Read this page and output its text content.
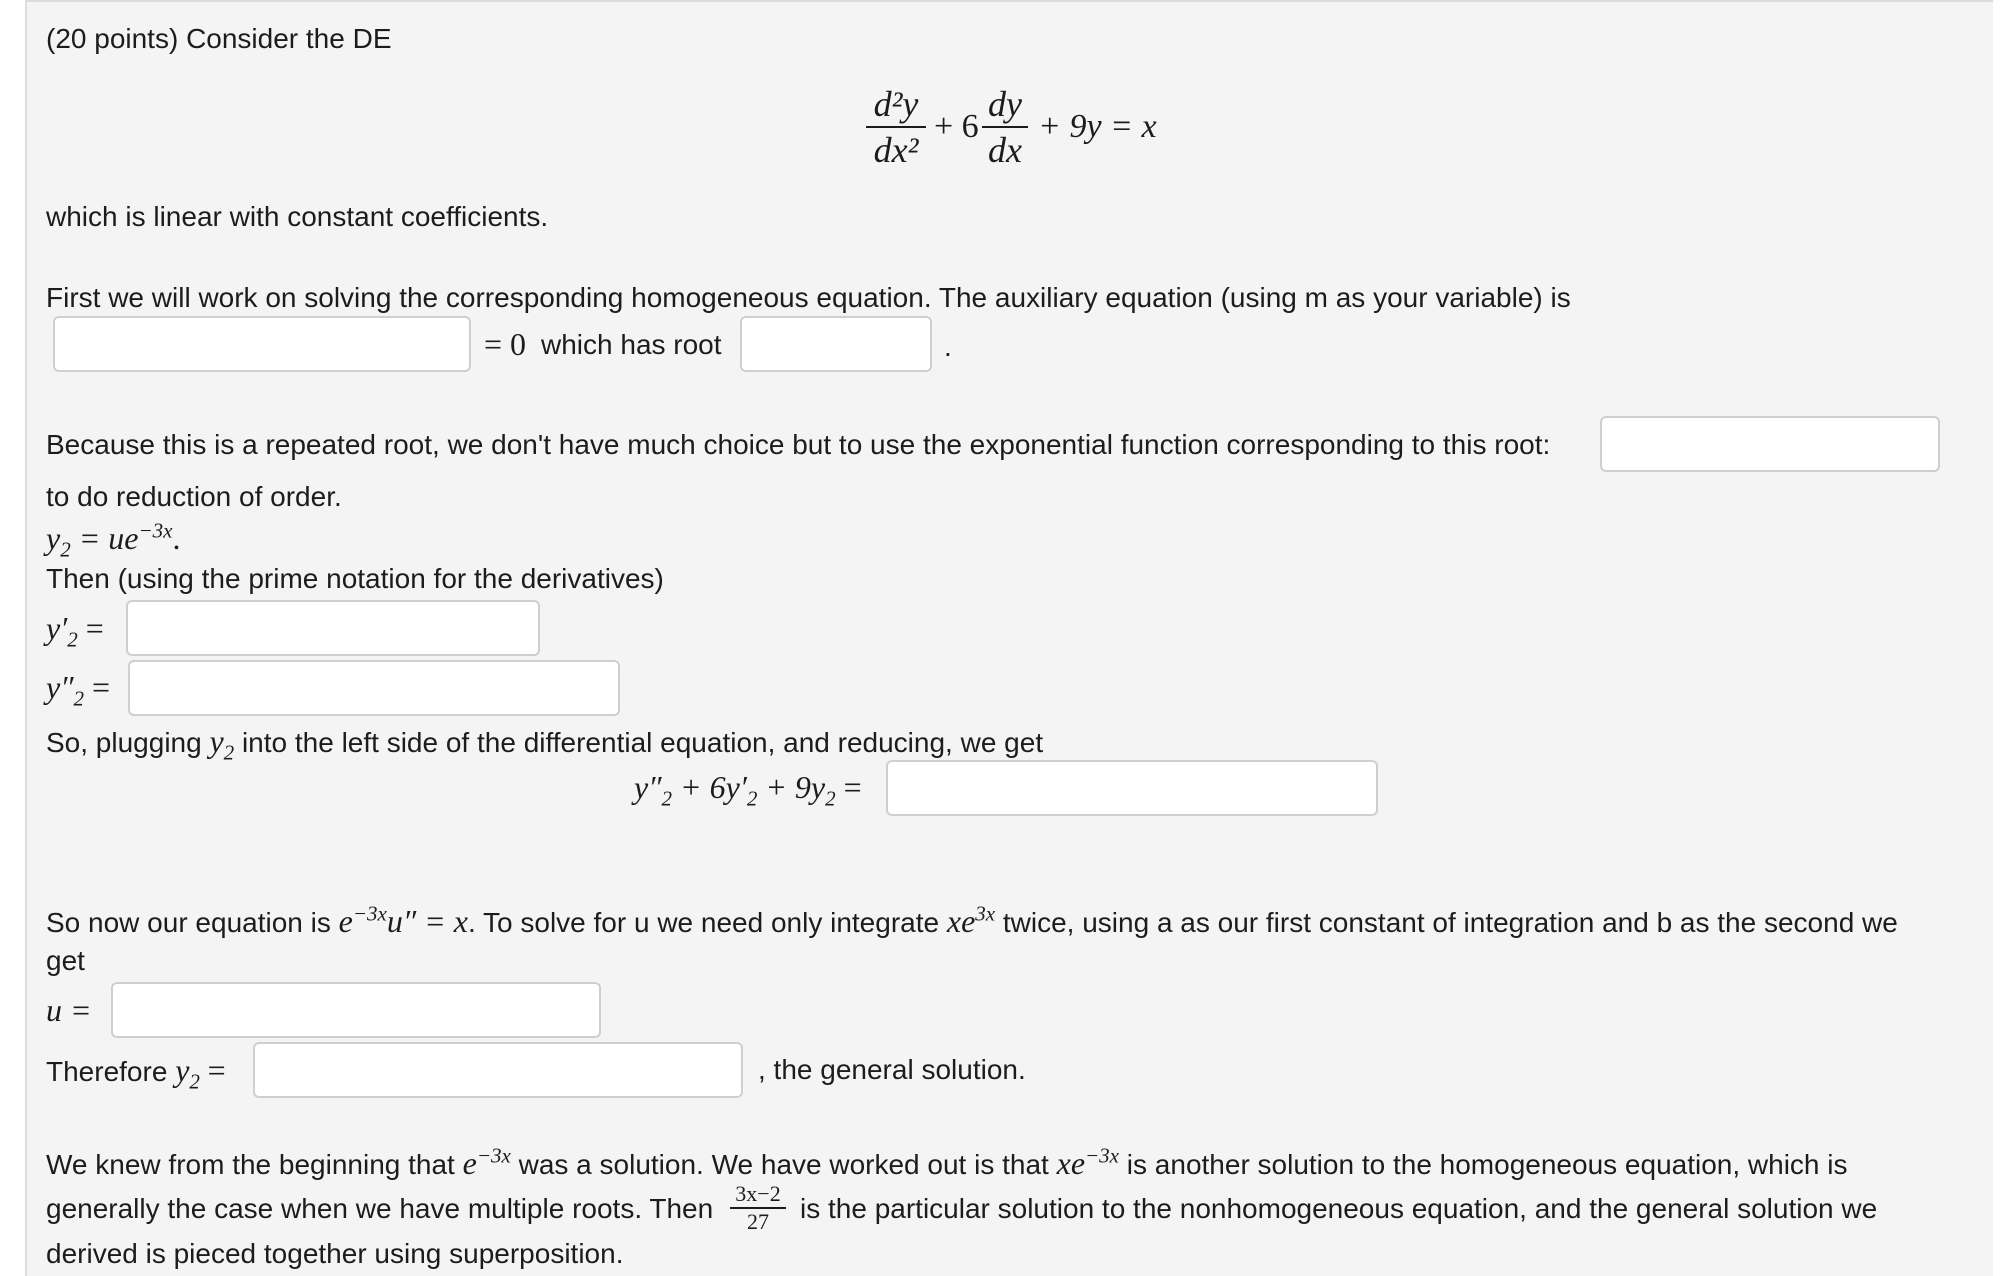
(20 points) Consider the DE
d²y
dx²
+ 6
dy
dx
+ 9y = x
which is linear with constant coefficients.
First we will work on solving the corresponding homogeneous equation. The auxiliary equation (using m as your variable) is
= 0 which has root	.
Because this is a repeated root, we don't have much choice but to use the exponential function corresponding to this root:
to do reduction of order.
$y_2 = ue^{-3x}$.
Then (using the prime notation for the derivatives)
$y'_2$ =
$y''_2$ =
So, plugging $y_2$ into the left side of the differential equation, and reducing, we get
$y''_2 + 6y'_2 + 9y_2$ =
So now our equation is $e^{-3x}u'' = x$. To solve for u we need only integrate $xe^{3x}$ twice, using a as our first constant of integration and b as the second we
get
u =
Therefore $y_2$ =	, the general solution.
We knew from the beginning that $e^{-3x}$ was a solution. We have worked out is that $xe^{-3x}$ is another solution to the homogeneous equation, which is
generally the case when we have multiple roots. Then 3x−2
27	is the particular solution to the nonhomogeneous equation, and the general solution we
derived is pieced together using superposition.
